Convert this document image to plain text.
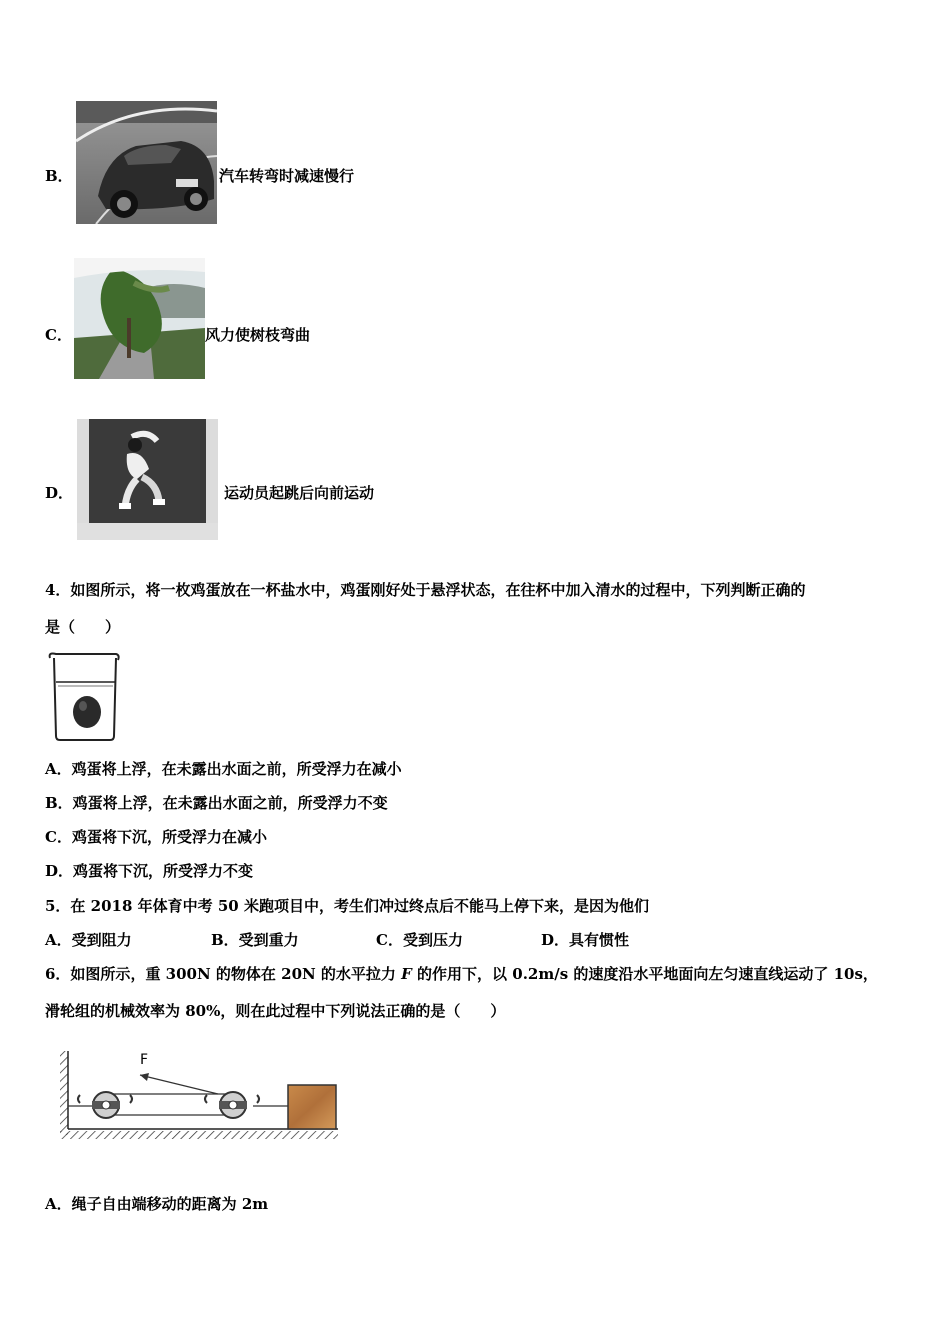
B．	汽车转弯时减速慢行
C．	风力使树枝弯曲
D．	运动员起跳后向前运动
4．如图所示，将一枚鸡蛋放在一杯盐水中，鸡蛋刚好处于悬浮状态，在往杯中加入清水的过程中，下列判断正确的
是（　　）
A．鸡蛋将上浮，在未露出水面之前，所受浮力在减小
B．鸡蛋将上浮，在未露出水面之前，所受浮力不变
C．鸡蛋将下沉，所受浮力在减小
D．鸡蛋将下沉，所受浮力不变
5．在 2018 年体育中考 50 米跑项目中，考生们冲过终点后不能马上停下来，是因为他们
A．受到阻力	B．受到重力	C．受到压力	D．具有惯性
6．如图所示，重 300N 的物体在 20N 的水平拉力 F 的作用下，以 0.2m/s 的速度沿水平地面向左匀速直线运动了 10s，
滑轮组的机械效率为 80%，则在此过程中下列说法正确的是（　　）
F
A．绳子自由端移动的距离为 2m
